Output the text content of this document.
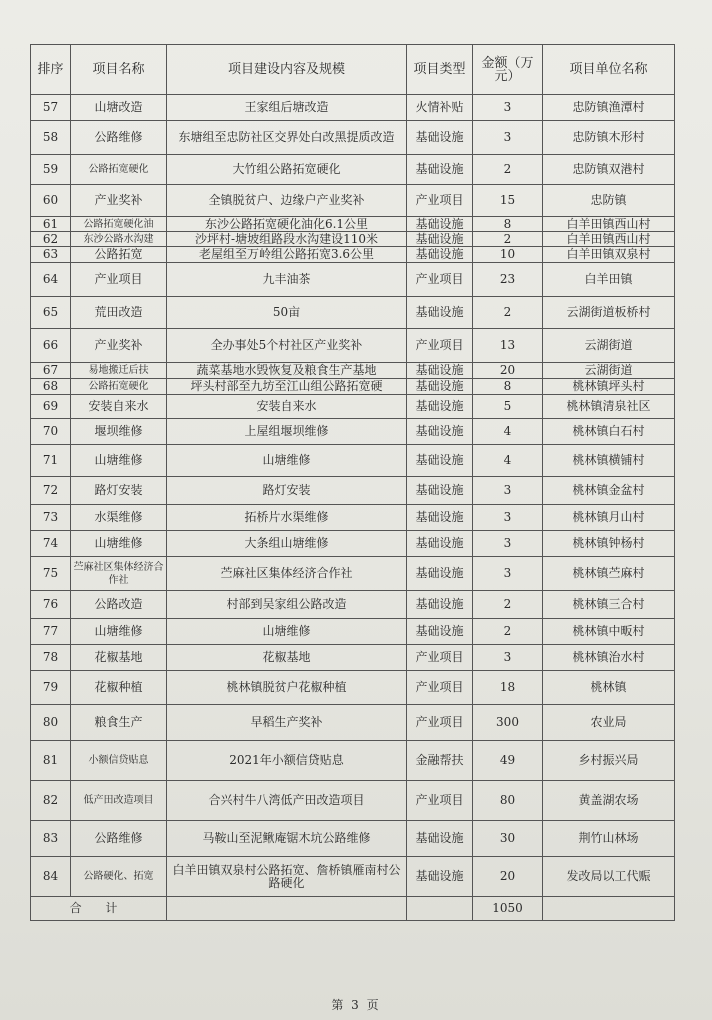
排序	项目名称	项目建设内容及规模	项目类型	金额（万元）	项目单位名称
57	山塘改造	王家组后塘改造	火情补贴	3	忠防镇渔潭村
58	公路维修	东塘组至忠防社区交界处白改黑提质改造	基础设施	3	忠防镇木形村
59	公路拓宽硬化	大竹组公路拓宽硬化	基础设施	2	忠防镇双港村
60	产业奖补	全镇脱贫户、边缘户产业奖补	产业项目	15	忠防镇
61	公路拓宽硬化油	东沙公路拓宽硬化油化6.1公里	基础设施	8	白羊田镇西山村
62	东沙公路水沟建	沙坪村-塘坡组路段水沟建设110米	基础设施	2	白羊田镇西山村
63	公路拓宽	老屋组至万岭组公路拓宽3.6公里	基础设施	10	白羊田镇双泉村
64	产业项目	九丰油茶	产业项目	23	白羊田镇
65	荒田改造	50亩	基础设施	2	云湖街道板桥村
66	产业奖补	全办事处5个村社区产业奖补	产业项目	13	云湖街道
67	易地搬迁后扶	蔬菜基地水毁恢复及粮食生产基地	基础设施	20	云湖街道
68	公路拓宽硬化	坪头村部至九坊至江山组公路拓宽硬	基础设施	8	桃林镇坪头村
69	安装自来水	安装自来水	基础设施	5	桃林镇清泉社区
70	堰坝维修	上屋组堰坝维修	基础设施	4	桃林镇白石村
71	山塘维修	山塘维修	基础设施	4	桃林镇横铺村
72	路灯安装	路灯安装	基础设施	3	桃林镇金盆村
73	水渠维修	拓桥片水渠维修	基础设施	3	桃林镇月山村
74	山塘维修	大条组山塘维修	基础设施	3	桃林镇钟杨村
75	苎麻社区集体经济合作社	苎麻社区集体经济合作社	基础设施	3	桃林镇苎麻村
76	公路改造	村部到吴家组公路改造	基础设施	2	桃林镇三合村
77	山塘维修	山塘维修	基础设施	2	桃林镇中畈村
78	花椒基地	花椒基地	产业项目	3	桃林镇治水村
79	花椒种植	桃林镇脱贫户花椒种植	产业项目	18	桃林镇
80	粮食生产	早稻生产奖补	产业项目	300	农业局
81	小额信贷贴息	2021年小额信贷贴息	金融帮扶	49	乡村振兴局
82	低产田改造项目	合兴村牛八湾低产田改造项目	产业项目	80	黄盖湖农场
83	公路维修	马鞍山至泥鳅庵锯木坑公路维修	基础设施	30	荆竹山林场
84	公路硬化、拓宽	白羊田镇双泉村公路拓宽、詹桥镇雁南村公路硬化	基础设施	20	发改局以工代赈
合 计				1050	
第 3 页
